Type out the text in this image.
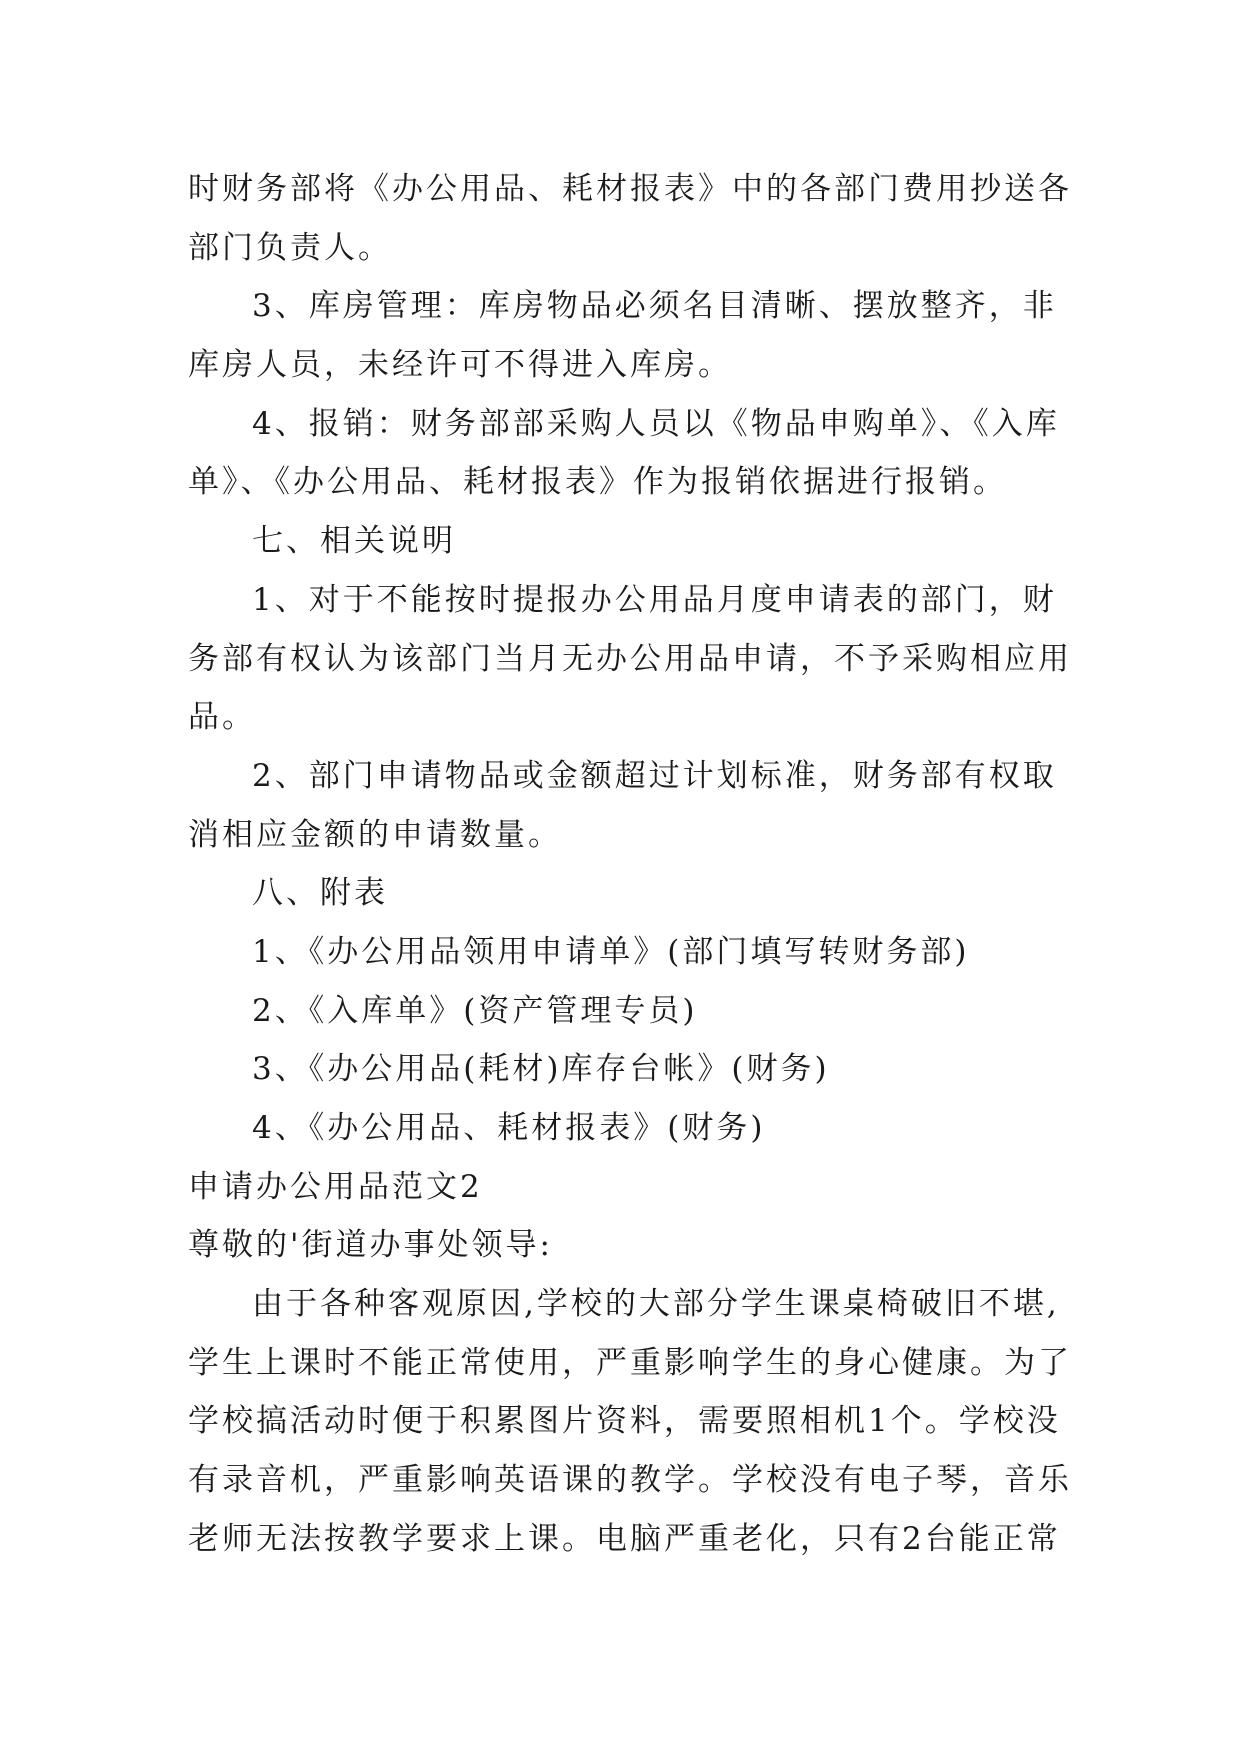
时财务部将《办公用品、耗材报表》中的各部门费用抄送各
部门负责人。
3、库房管理：库房物品必须名目清晰、摆放整齐，非
库房人员，未经许可不得进入库房。
4、报销：财务部部采购人员以《物品申购单》、《入库
单》、《办公用品、耗材报表》作为报销依据进行报销。
七、相关说明
1、对于不能按时提报办公用品月度申请表的部门，财
务部有权认为该部门当月无办公用品申请，不予采购相应用
品。
2、部门申请物品或金额超过计划标准，财务部有权取
消相应金额的申请数量。
八、附表
1、《办公用品领用申请单》(部门填写转财务部)
2、《入库单》(资产管理专员)
3、《办公用品(耗材)库存台帐》(财务)
4、《办公用品、耗材报表》(财务)
申请办公用品范文2
尊敬的'街道办事处领导:
由于各种客观原因,学校的大部分学生课桌椅破旧不堪,
学生上课时不能正常使用，严重影响学生的身心健康。为了
学校搞活动时便于积累图片资料，需要照相机1个。学校没
有录音机，严重影响英语课的教学。学校没有电子琴，音乐
老师无法按教学要求上课。电脑严重老化，只有2台能正常
